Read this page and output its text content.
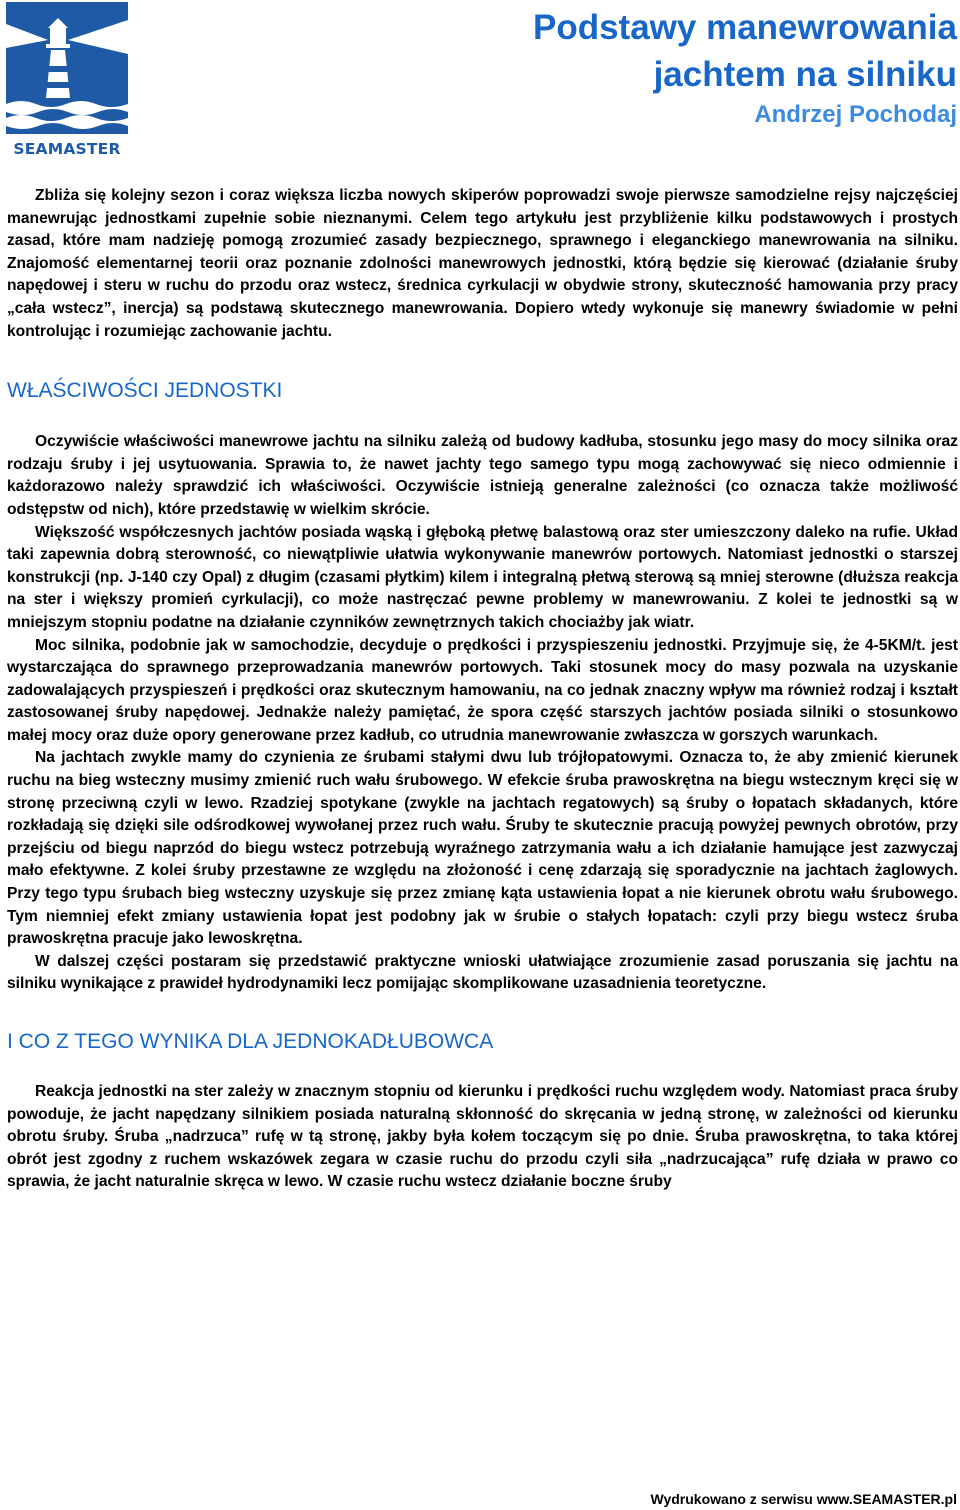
SEAMASTER
Podstawy manewrowania
jachtem na silniku
Andrzej Pochodaj

Zbliża się kolejny sezon i coraz większa liczba nowych skiperów poprowadzi swoje pierwsze samodzielne rejsy najczęściej manewrując jednostkami zupełnie sobie nieznanymi. Celem tego artykułu jest przybliżenie kilku podstawowych i prostych zasad, które mam nadzieję pomogą zrozumieć zasady bezpiecznego, sprawnego i eleganckiego manewrowania na silniku. Znajomość elementarnej teorii oraz poznanie zdolności manewrowych jednostki, którą będzie się kierować (działanie śruby napędowej i steru w ruchu do przodu oraz wstecz, średnica cyrkulacji w obydwie strony, skuteczność hamowania przy pracy „cała wstecz”, inercja) są podstawą skutecznego manewrowania. Dopiero wtedy wykonuje się manewry świadomie w pełni kontrolując i rozumiejąc zachowanie jachtu.

WŁAŚCIWOŚCI JEDNOSTKI

Oczywiście właściwości manewrowe jachtu na silniku zależą od budowy kadłuba, stosunku jego masy do mocy silnika oraz rodzaju śruby i jej usytuowania. Sprawia to, że nawet jachty tego samego typu mogą zachowywać się nieco odmiennie i każdorazowo należy sprawdzić ich właściwości. Oczywiście istnieją generalne zależności (co oznacza także możliwość odstępstw od nich), które przedstawię w wielkim skrócie.

Większość współczesnych jachtów posiada wąską i głęboką płetwę balastową oraz ster umieszczony daleko na rufie. Układ taki zapewnia dobrą sterowność, co niewątpliwie ułatwia wykonywanie manewrów portowych. Natomiast jednostki o starszej konstrukcji (np. J-140 czy Opal) z długim (czasami płytkim) kilem i integralną płetwą sterową są mniej sterowne (dłuższa reakcja na ster i większy promień cyrkulacji), co może nastręczać pewne problemy w manewrowaniu. Z kolei te jednostki są w mniejszym stopniu podatne na działanie czynników zewnętrznych takich chociażby jak wiatr.

Moc silnika, podobnie jak w samochodzie, decyduje o prędkości i przyspieszeniu jednostki. Przyjmuje się, że 4-5KM/t. jest wystarczająca do sprawnego przeprowadzania manewrów portowych. Taki stosunek mocy do masy pozwala na uzyskanie zadowalających przyspieszeń i prędkości oraz skutecznym hamowaniu, na co jednak znaczny wpływ ma również rodzaj i kształt zastosowanej śruby napędowej. Jednakże należy pamiętać, że spora część starszych jachtów posiada silniki o stosunkowo małej mocy oraz duże opory generowane przez kadłub, co utrudnia manewrowanie zwłaszcza w gorszych warunkach.

Na jachtach zwykle mamy do czynienia ze śrubami stałymi dwu lub trójłopatowymi. Oznacza to, że aby zmienić kierunek ruchu na bieg wsteczny musimy zmienić ruch wału śrubowego. W efekcie śruba prawoskrętna na biegu wstecznym kręci się w stronę przeciwną czyli w lewo. Rzadziej spotykane (zwykle na jachtach regatowych) są śruby o łopatach składanych, które rozkładają się dzięki sile odśrodkowej wywołanej przez ruch wału. Śruby te skutecznie pracują powyżej pewnych obrotów, przy przejściu od biegu naprzód do biegu wstecz potrzebują wyraźnego zatrzymania wału a ich działanie hamujące jest zazwyczaj mało efektywne. Z kolei śruby przestawne ze względu na złożoność i cenę zdarzają się sporadycznie na jachtach żaglowych. Przy tego typu śrubach bieg wsteczny uzyskuje się przez zmianę kąta ustawienia łopat a nie kierunek obrotu wału śrubowego. Tym niemniej efekt zmiany ustawienia łopat jest podobny jak w śrubie o stałych łopatach: czyli przy biegu wstecz śruba prawoskrętna pracuje jako lewoskrętna.

W dalszej części postaram się przedstawić praktyczne wnioski ułatwiające zrozumienie zasad poruszania się jachtu na silniku wynikające z prawideł hydrodynamiki lecz pomijając skomplikowane uzasadnienia teoretyczne.

I CO Z TEGO WYNIKA DLA JEDNOKADŁUBOWCA

Reakcja jednostki na ster zależy w znacznym stopniu od kierunku i prędkości ruchu względem wody. Natomiast praca śruby powoduje, że jacht napędzany silnikiem posiada naturalną skłonność do skręcania w jedną stronę, w zależności od kierunku obrotu śruby. Śruba „nadrzuca” rufę w tą stronę, jakby była kołem toczącym się po dnie. Śruba prawoskrętna, to taka której obrót jest zgodny z ruchem wskazówek zegara w czasie ruchu do przodu czyli siła „nadrzucająca” rufę działa w prawo co sprawia, że jacht naturalnie skręca w lewo. W czasie ruchu wstecz działanie boczne śruby

Wydrukowano z serwisu www.SEAMASTER.pl
